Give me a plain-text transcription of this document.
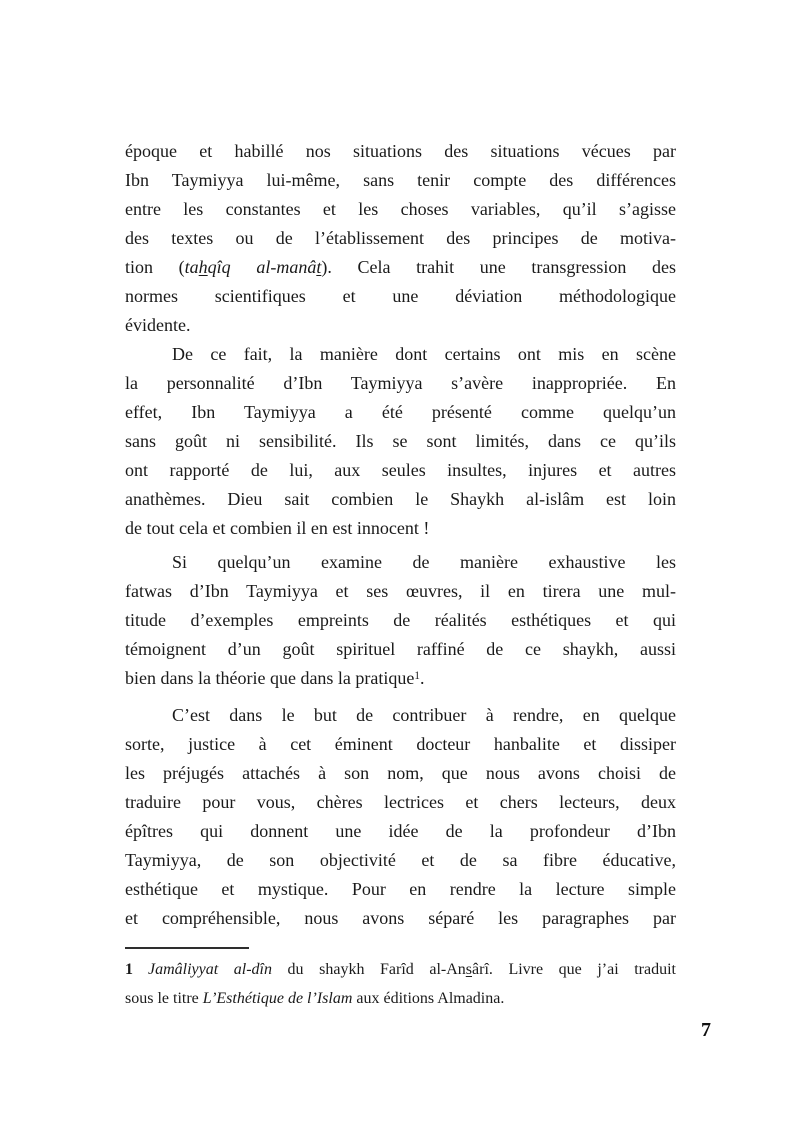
époque et habillé nos situations des situations vécues par
Ibn Taymiyya lui-même, sans tenir compte des différences
entre les constantes et les choses variables, qu’il s’agisse
des textes ou de l’établissement des principes de motiva-
tion (tahqîq al-manât). Cela trahit une transgression des
normes scientifiques et une déviation méthodologique
évidente.
De ce fait, la manière dont certains ont mis en scène
la personnalité d’Ibn Taymiyya s’avère inappropriée. En
effet, Ibn Taymiyya a été présenté comme quelqu’un
sans goût ni sensibilité. Ils se sont limités, dans ce qu’ils
ont rapporté de lui, aux seules insultes, injures et autres
anathèmes. Dieu sait combien le Shaykh al-islâm est loin
de tout cela et combien il en est innocent !
Si quelqu’un examine de manière exhaustive les
fatwas d’Ibn Taymiyya et ses œuvres, il en tirera une mul-
titude d’exemples empreints de réalités esthétiques et qui
témoignent d’un goût spirituel raffiné de ce shaykh, aussi
bien dans la théorie que dans la pratique$^1$.
C’est dans le but de contribuer à rendre, en quelque
sorte, justice à cet éminent docteur hanbalite et dissiper
les préjugés attachés à son nom, que nous avons choisi de
traduire pour vous, chères lectrices et chers lecteurs, deux
épîtres qui donnent une idée de la profondeur d’Ibn
Taymiyya, de son objectivité et de sa fibre éducative,
esthétique et mystique. Pour en rendre la lecture simple
et compréhensible, nous avons séparé les paragraphes par
1 Jamâliyyat al-dîn du shaykh Farîd al-Ansârî. Livre que j’ai traduit
sous le titre L’Esthétique de l’Islam aux éditions Almadina.
7
